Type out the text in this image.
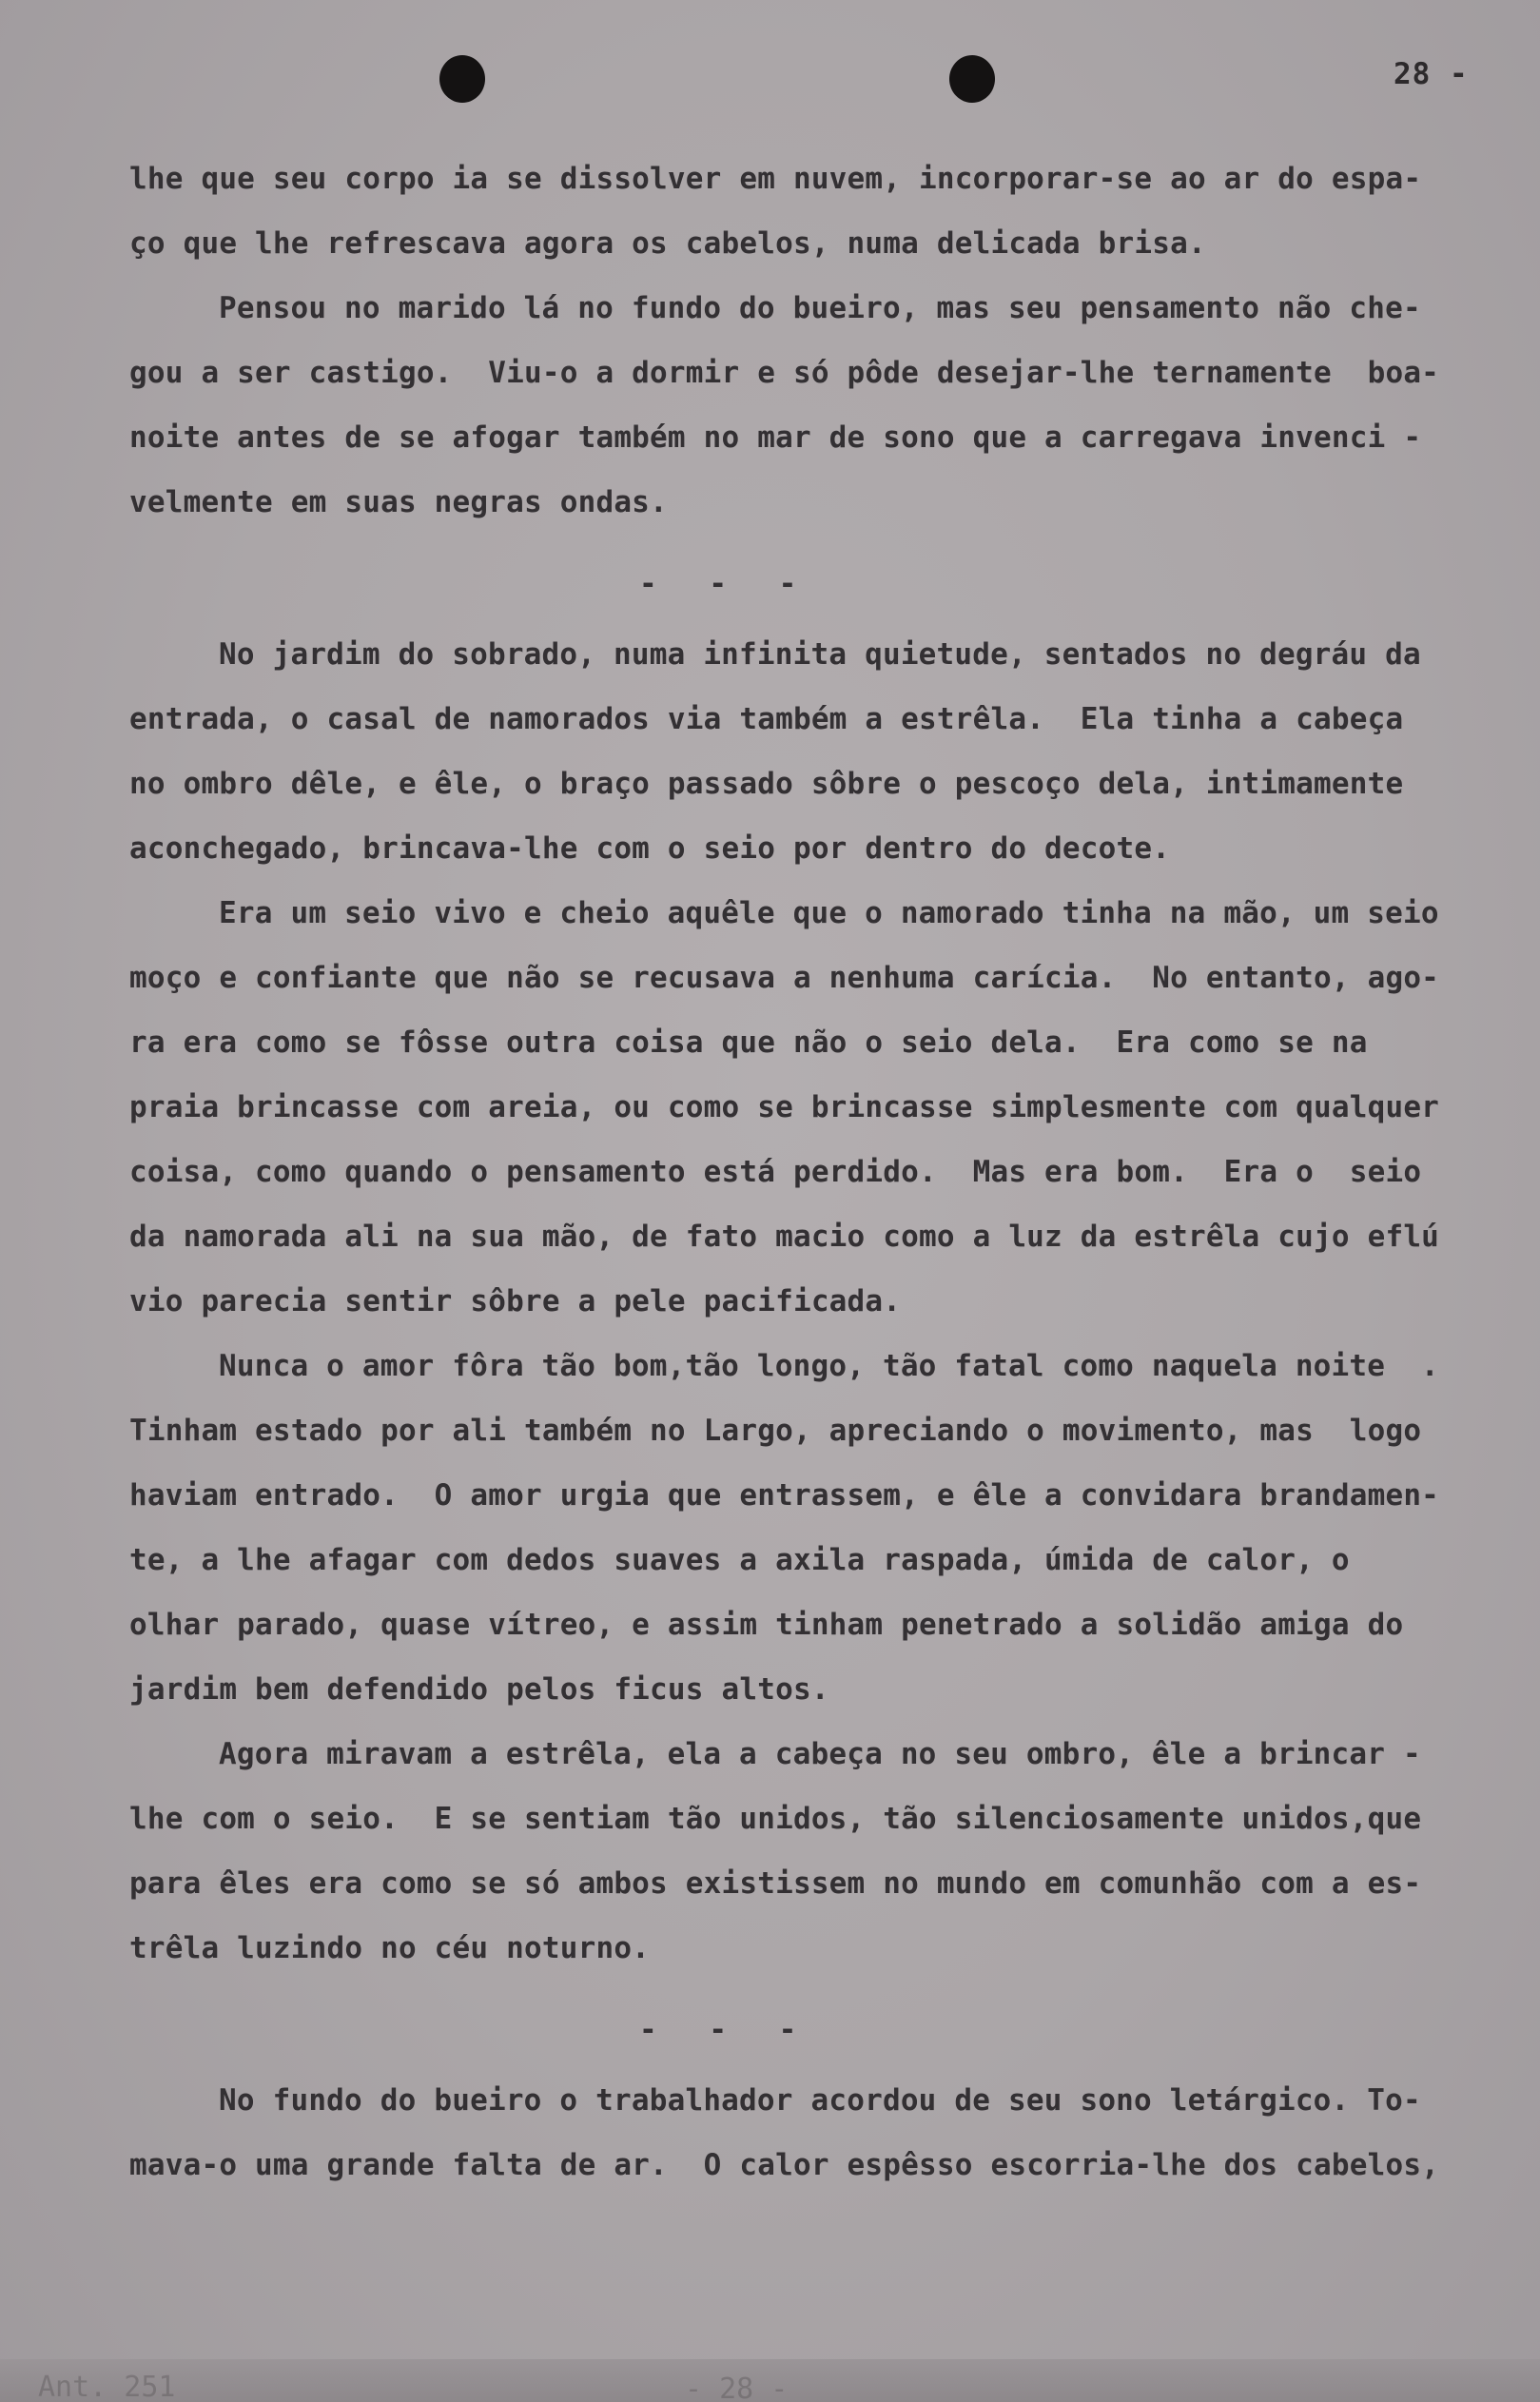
28 -
lhe que seu corpo ia se dissolver em nuvem, incorporar-se ao ar do espa-
ço que lhe refrescava agora os cabelos, numa delicada brisa.
Pensou no marido lá no fundo do bueiro, mas seu pensamento não che-
gou a ser castigo.  Viu-o a dormir e só pôde desejar-lhe ternamente  boa-
noite antes de se afogar também no mar de sono que a carregava invenci -
velmente em suas negras ondas.
- - -
No jardim do sobrado, numa infinita quietude, sentados no degráu da
entrada, o casal de namorados via também a estrêla.  Ela tinha a cabeça
no ombro dêle, e êle, o braço passado sôbre o pescoço dela, intimamente
aconchegado, brincava-lhe com o seio por dentro do decote.
Era um seio vivo e cheio aquêle que o namorado tinha na mão, um seio
moço e confiante que não se recusava a nenhuma carícia.  No entanto, ago-
ra era como se fôsse outra coisa que não o seio dela.  Era como se na
praia brincasse com areia, ou como se brincasse simplesmente com qualquer
coisa, como quando o pensamento está perdido.  Mas era bom.  Era o  seio
da namorada ali na sua mão, de fato macio como a luz da estrêla cujo eflú
vio parecia sentir sôbre a pele pacificada.
Nunca o amor fôra tão bom,tão longo, tão fatal como naquela noite  .
Tinham estado por ali também no Largo, apreciando o movimento, mas  logo
haviam entrado.  O amor urgia que entrassem, e êle a convidara brandamen-
te, a lhe afagar com dedos suaves a axila raspada, úmida de calor, o
olhar parado, quase vítreo, e assim tinham penetrado a solidão amiga do
jardim bem defendido pelos ficus altos.
Agora miravam a estrêla, ela a cabeça no seu ombro, êle a brincar -
lhe com o seio.  E se sentiam tão unidos, tão silenciosamente unidos,que
para êles era como se só ambos existissem no mundo em comunhão com a es-
trêla luzindo no céu noturno.
- - -
No fundo do bueiro o trabalhador acordou de seu sono letárgico. To-
mava-o uma grande falta de ar.  O calor espêsso escorria-lhe dos cabelos,
Ant. 251	- 28 -
